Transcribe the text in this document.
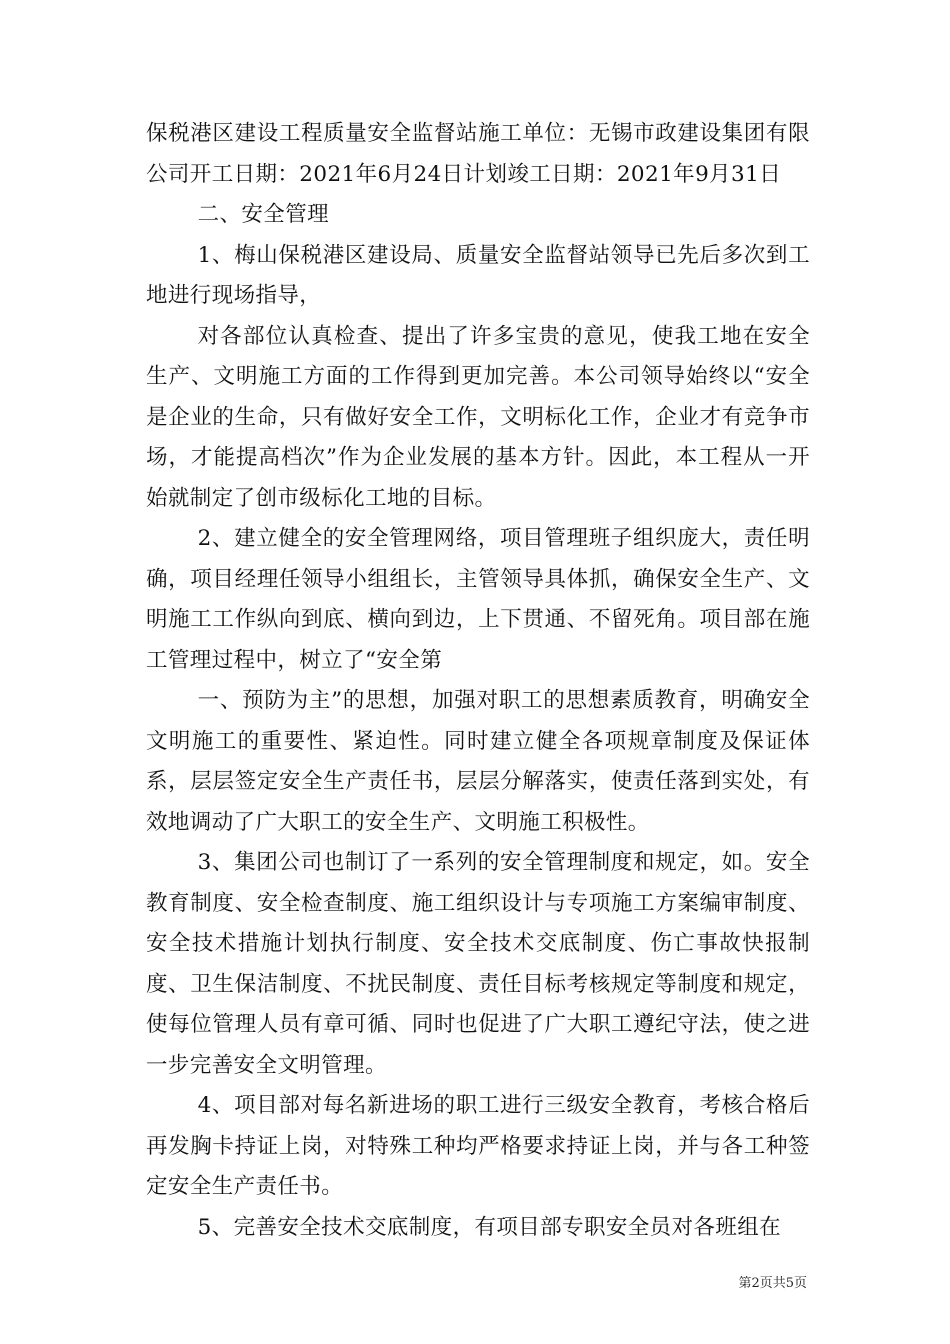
保税港区建设工程质量安全监督站施工单位：无锡市政建设集团有限公司开工日期：2021年6月24日计划竣工日期：2021年9月31日

二、安全管理

1、梅山保税港区建设局、质量安全监督站领导已先后多次到工地进行现场指导，

对各部位认真检查、提出了许多宝贵的意见，使我工地在安全生产、文明施工方面的工作得到更加完善。本公司领导始终以“安全是企业的生命，只有做好安全工作，文明标化工作，企业才有竞争市场，才能提高档次”作为企业发展的基本方针。因此，本工程从一开始就制定了创市级标化工地的目标。

2、建立健全的安全管理网络，项目管理班子组织庞大，责任明确，项目经理任领导小组组长，主管领导具体抓，确保安全生产、文明施工工作纵向到底、横向到边，上下贯通、不留死角。项目部在施工管理过程中，树立了“安全第

一、预防为主”的思想，加强对职工的思想素质教育，明确安全文明施工的重要性、紧迫性。同时建立健全各项规章制度及保证体系，层层签定安全生产责任书，层层分解落实，使责任落到实处，有效地调动了广大职工的安全生产、文明施工积极性。

3、集团公司也制订了一系列的安全管理制度和规定，如。安全教育制度、安全检查制度、施工组织设计与专项施工方案编审制度、安全技术措施计划执行制度、安全技术交底制度、伤亡事故快报制度、卫生保洁制度、不扰民制度、责任目标考核规定等制度和规定，使每位管理人员有章可循、同时也促进了广大职工遵纪守法，使之进一步完善安全文明管理。

4、项目部对每名新进场的职工进行三级安全教育，考核合格后再发胸卡持证上岗，对特殊工种均严格要求持证上岗，并与各工种签定安全生产责任书。

5、完善安全技术交底制度，有项目部专职安全员对各班组在

第2页共5页
